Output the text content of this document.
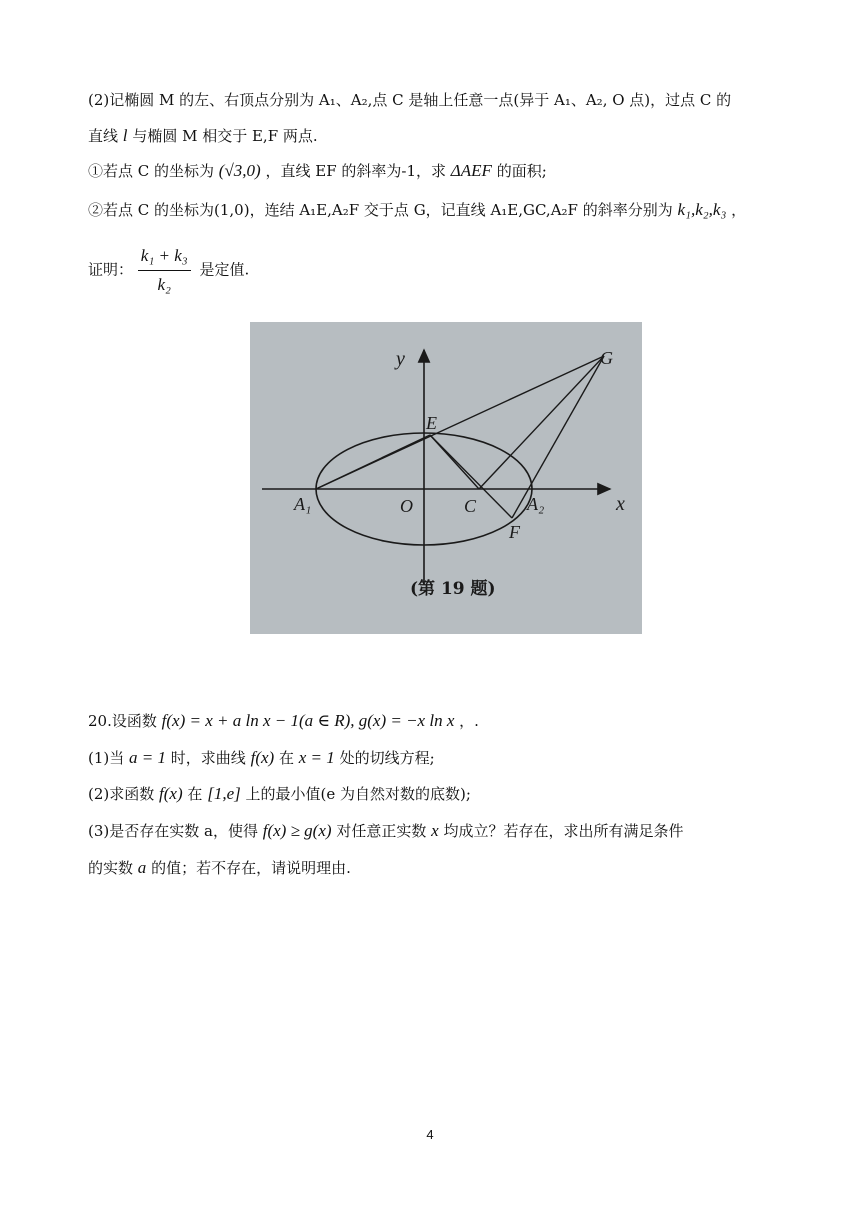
(2)记椭圆 M 的左、右顶点分别为 A₁、A₂,点 C 是轴上任意一点(异于 A₁、A₂, O 点)，过点 C 的
直线 l 与椭圆 M 相交于 E,F 两点.
①若点 C 的坐标为 (√3,0) ，直线 EF 的斜率为-1，求 ΔAEF 的面积;
②若点 C 的坐标为(1,0)，连结 A₁E,A₂F 交于点 G，记直线 A₁E,GC,A₂F 的斜率分别为 k₁,k₂,k₃ ，
证明： $\frac{\text{k₁ + k₃}}{\text{k₂}}$ 是定值.
y
x
G
E
A₁	O	C	A₂
F
(第 19 题)
20.设函数 f(x) = x + a ln x − 1(a ∈ R), g(x) = −x ln x ，.
(1)当 a = 1 时，求曲线 f(x) 在 x = 1 处的切线方程;
(2)求函数 f(x) 在 [1,e] 上的最小值(e 为自然对数的底数);
(3)是否存在实数 a，使得 f(x) ≥ g(x) 对任意正实数 x 均成立？若存在，求出所有满足条件
的实数 a 的值；若不存在，请说明理由.
4
